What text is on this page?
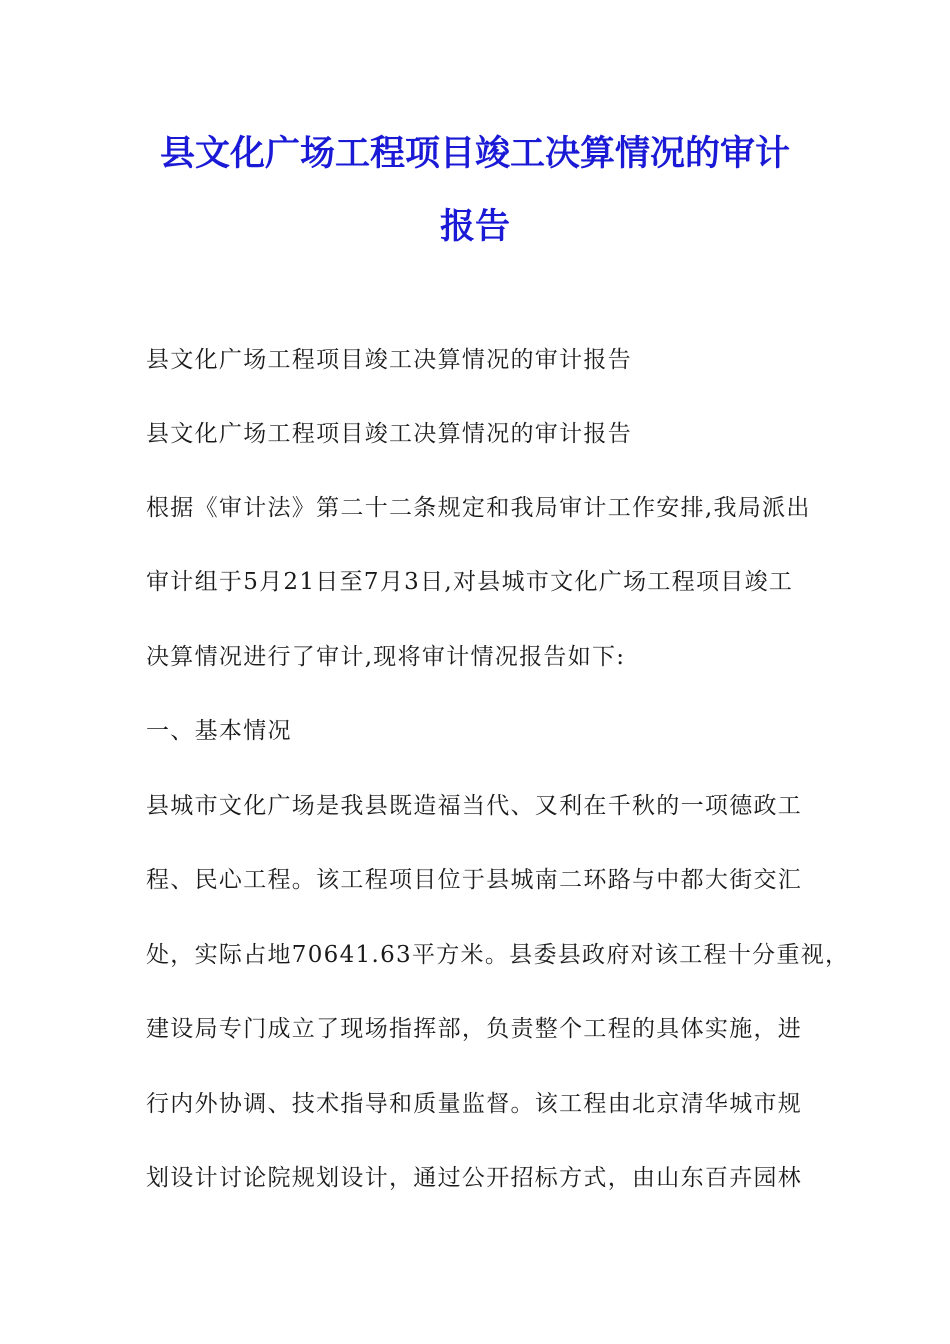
县文化广场工程项目竣工决算情况的审计
报告

县文化广场工程项目竣工决算情况的审计报告

县文化广场工程项目竣工决算情况的审计报告

根据《审计法》第二十二条规定和我局审计工作安排,我局派出

审计组于5月21日至7月3日,对县城市文化广场工程项目竣工

决算情况进行了审计,现将审计情况报告如下:

一、基本情况

县城市文化广场是我县既造福当代、又利在千秋的一项德政工

程、民心工程。该工程项目位于县城南二环路与中都大街交汇

处，实际占地70641.63平方米。县委县政府对该工程十分重视，

建设局专门成立了现场指挥部，负责整个工程的具体实施，进

行内外协调、技术指导和质量监督。该工程由北京清华城市规

划设计讨论院规划设计，通过公开招标方式，由山东百卉园林
